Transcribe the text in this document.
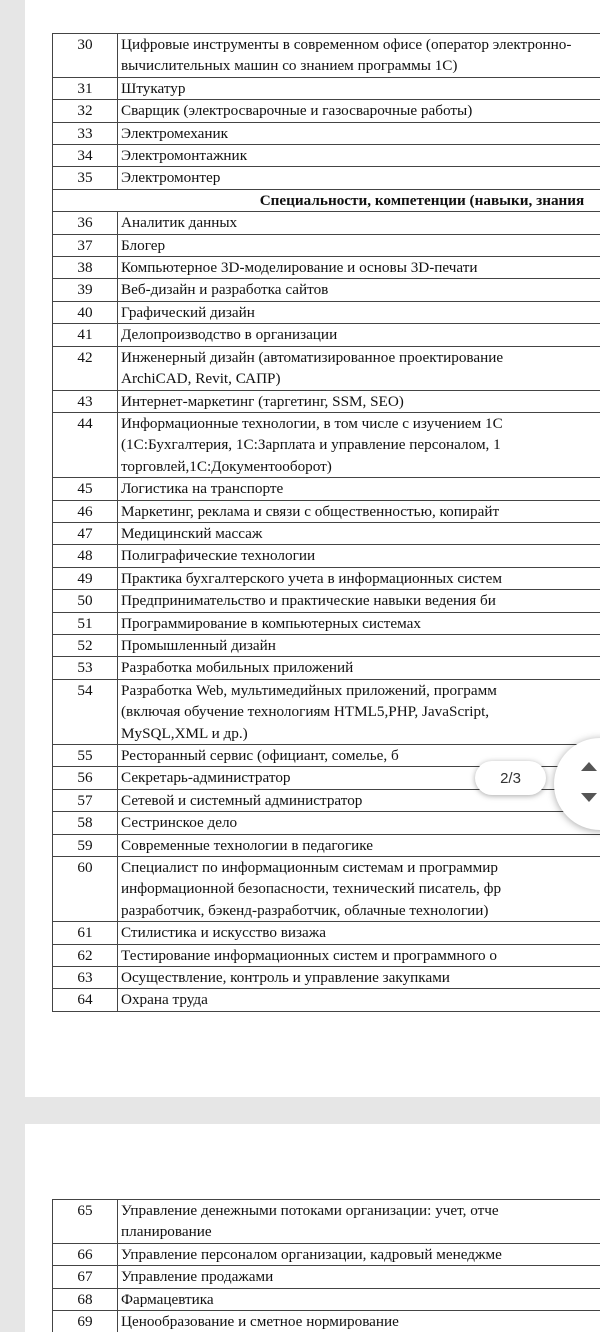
30	Цифровые инструменты в современном офисе (оператор электронно-
вычислительных машин со знанием программы 1С)

31	Штукатур

32	Сварщик (электросварочные и газосварочные работы)

33	Электромеханик

34	Электромонтажник

35	Электромонтер

Специальности, компетенции (навыки, знания	
36	Аналитик данных

37	Блогер

38	Компьютерное 3D-моделирование и основы 3D-печати

39	Веб-дизайн и разработка сайтов

40	Графический дизайн

41	Делопроизводство в организации

42	Инженерный дизайн (автоматизированное проектирование
ArchiCAD, Revit, САПР)

43	Интернет-маркетинг (таргетинг, SSM, SEO)

44	Информационные технологии, в том числе с изучением 1С
(1С:Бухгалтерия, 1С:Зарплата и управление персоналом, 1
торговлей,1С:Документооборот)

45	Логистика на транспорте

46	Маркетинг, реклама и связи с общественностью, копирайт

47	Медицинский массаж

48	Полиграфические технологии

49	Практика бухгалтерского учета в информационных систем

50	Предпринимательство и практические навыки ведения би

51	Программирование в компьютерных системах

52	Промышленный дизайн

53	Разработка мобильных приложений

54	Разработка Web, мультимедийных приложений, программ
(включая обучение технологиям HTML5,PHP, JavaScript,
MySQL,XML и др.)

55	Ресторанный сервис (официант, сомелье, б

56	Секретарь-администратор

57	Сетевой и системный администратор

58	Сестринское дело

59	Современные технологии в педагогике

60	Специалист по информационным системам и программир
информационной безопасности, технический писатель, фр
разработчик, бэкенд-разработчик, облачные технологии)

61	Стилистика и искусство визажа

62	Тестирование информационных систем и программного о

63	Осуществление, контроль и управление закупками

64	Охрана труда
65	Управление денежными потоками организации: учет, отче
планирование

66	Управление персоналом организации, кадровый менеджме

67	Управление продажами

68	Фармацевтика

69	Ценообразование и сметное нормирование
2/3
